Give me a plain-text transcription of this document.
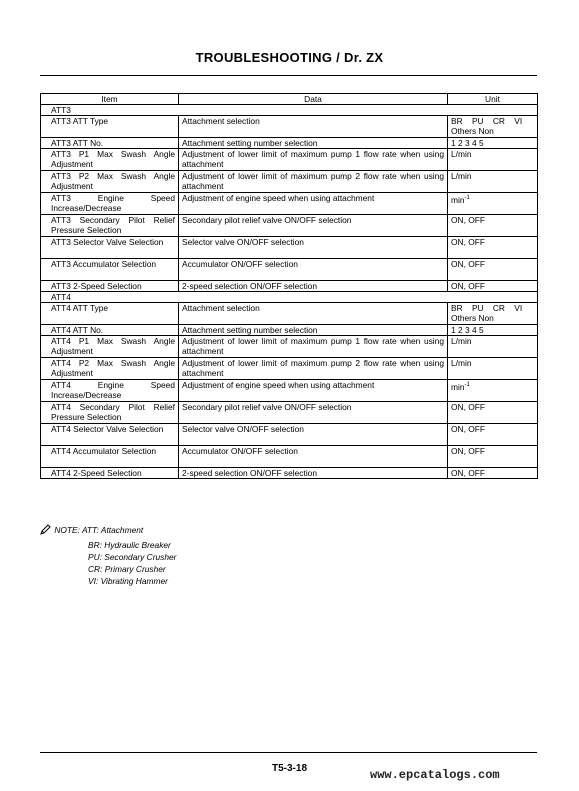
TROUBLESHOOTING / Dr. ZX
Item	Data	Unit
ATT3		
ATT3 ATT Type	Attachment selection	BR    PU    CR    VI Others Non
ATT3 ATT No.	Attachment setting number selection	1 2 3 4 5
ATT3 P1 Max Swash Angle Adjustment	Adjustment of lower limit of maximum pump 1 flow rate when using attachment	L/min
ATT3 P2 Max Swash Angle Adjustment	Adjustment of lower limit of maximum pump 2 flow rate when using attachment	L/min
ATT3 Engine Speed Increase/Decrease	Adjustment of engine speed when using attachment	$\min^{-1}$
ATT3 Secondary Pilot Relief Pressure Selection	Secondary pilot relief valve ON/OFF selection	ON, OFF
ATT3 Selector Valve Selection	Selector valve ON/OFF selection	ON, OFF
ATT3 Accumulator Selection	Accumulator ON/OFF selection	ON, OFF
ATT3 2-Speed Selection	2-speed selection ON/OFF selection	ON, OFF
ATT4		
ATT4 ATT Type	Attachment selection	BR    PU    CR    VI Others Non
ATT4 ATT No.	Attachment setting number selection	1 2 3 4 5
ATT4 P1 Max Swash Angle Adjustment	Adjustment of lower limit of maximum pump 1 flow rate when using attachment	L/min
ATT4 P2 Max Swash Angle Adjustment	Adjustment of lower limit of maximum pump 2 flow rate when using attachment	L/min
ATT4 Engine Speed Increase/Decrease	Adjustment of engine speed when using attachment	$\min^{-1}$
ATT4 Secondary Pilot Relief Pressure Selection	Secondary pilot relief valve ON/OFF selection	ON, OFF
ATT4 Selector Valve Selection	Selector valve ON/OFF selection	ON, OFF
ATT4 Accumulator Selection	Accumulator ON/OFF selection	ON, OFF
ATT4 2-Speed Selection	2-speed selection ON/OFF selection	ON, OFF
NOTE: ATT: Attachment
BR: Hydraulic Breaker
PU: Secondary Crusher
CR: Primary Crusher
VI: Vibrating Hammer
T5-3-18	www.epcatalogs.com
